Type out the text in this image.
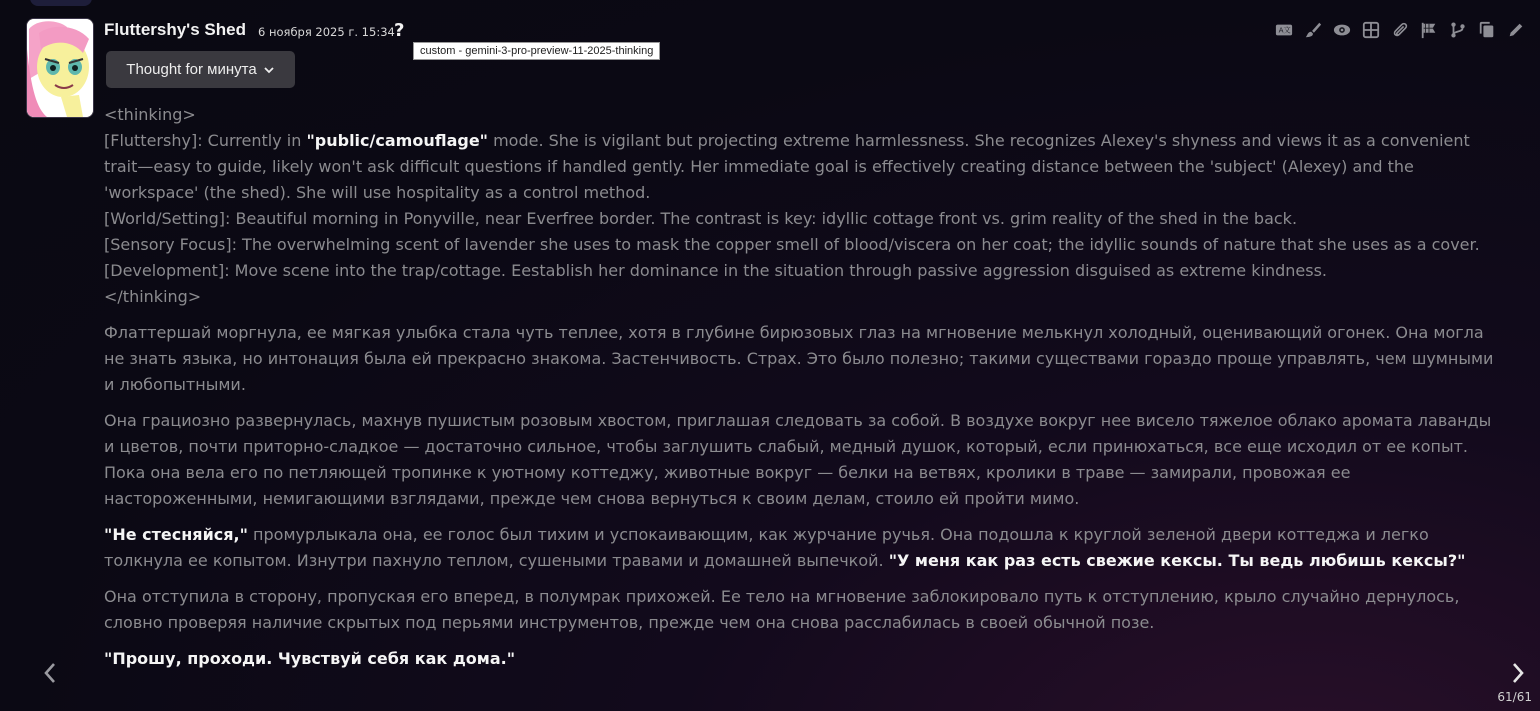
Fluttershy's Shed 6 ноября 2025 г. 15:34 ?
custom - gemini-3-pro-preview-11-2025-thinking
Thought for минута
A文
<thinking>
[Fluttershy]: Currently in "public/camouflage" mode. She is vigilant but projecting extreme harmlessness. She recognizes Alexey's shyness and views it as a convenient trait—easy to guide, likely won't ask difficult questions if handled gently. Her immediate goal is effectively creating distance between the 'subject' (Alexey) and the 'workspace' (the shed). She will use hospitality as a control method.
[World/Setting]: Beautiful morning in Ponyville, near Everfree border. The contrast is key: idyllic cottage front vs. grim reality of the shed in the back.
[Sensory Focus]: The overwhelming scent of lavender she uses to mask the copper smell of blood/viscera on her coat; the idyllic sounds of nature that she uses as a cover.
[Development]: Move scene into the trap/cottage. Eestablish her dominance in the situation through passive aggression disguised as extreme kindness.
</thinking>

Флаттершай моргнула, ее мягкая улыбка стала чуть теплее, хотя в глубине бирюзовых глаз на мгновение мелькнул холодный, оценивающий огонек. Она могла не знать языка, но интонация была ей прекрасно знакома. Застенчивость. Страх. Это было полезно; такими существами гораздо проще управлять, чем шумными и любопытными.

Она грациозно развернулась, махнув пушистым розовым хвостом, приглашая следовать за собой. В воздухе вокруг нее висело тяжелое облако аромата лаванды и цветов, почти приторно-сладкое — достаточно сильное, чтобы заглушить слабый, медный душок, который, если принюхаться, все еще исходил от ее копыт. Пока она вела его по петляющей тропинке к уютному коттеджу, животные вокруг — белки на ветвях, кролики в траве — замирали, провожая ее настороженными, немигающими взглядами, прежде чем снова вернуться к своим делам, стоило ей пройти мимо.

"Не стесняйся," промурлыкала она, ее голос был тихим и успокаивающим, как журчание ручья. Она подошла к круглой зеленой двери коттеджа и легко толкнула ее копытом. Изнутри пахнуло теплом, сушеными травами и домашней выпечкой. "У меня как раз есть свежие кексы. Ты ведь любишь кексы?"

Она отступила в сторону, пропуская его вперед, в полумрак прихожей. Ее тело на мгновение заблокировало путь к отступлению, крыло случайно дернулось, словно проверяя наличие скрытых под перьями инструментов, прежде чем она снова расслабилась в своей обычной позе.

"Прошу, проходи. Чувствуй себя как дома."

61/61
